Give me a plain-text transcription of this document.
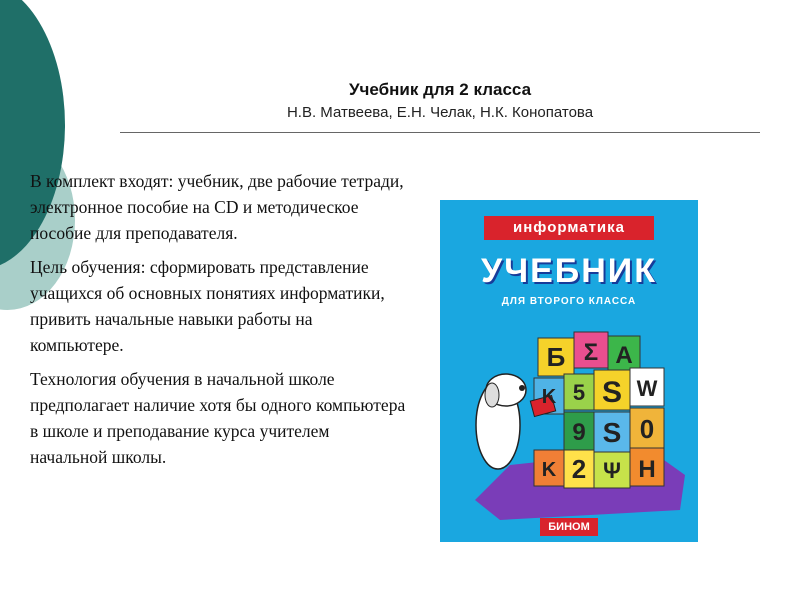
Учебник для 2 класса
Н.В. Матвеева, Е.Н. Челак, Н.К. Конопатова

В комплект входят: учебник, две рабочие тетради, электронное пособие на CD и методическое пособие для преподавателя.

Цель обучения: сформировать представление учащихся об основных понятиях информатики, привить начальные навыки работы на компьютере.

Технология обучения в начальной школе предполагает наличие хотя бы одного компьютера в школе и преподавание курса учителем начальной школы.

информатика
УЧЕБНИК
ДЛЯ ВТОРОГО КЛАССА
Б Σ A
K 5 S W
9 S 0
K 2 Ψ H
БИНОМ
